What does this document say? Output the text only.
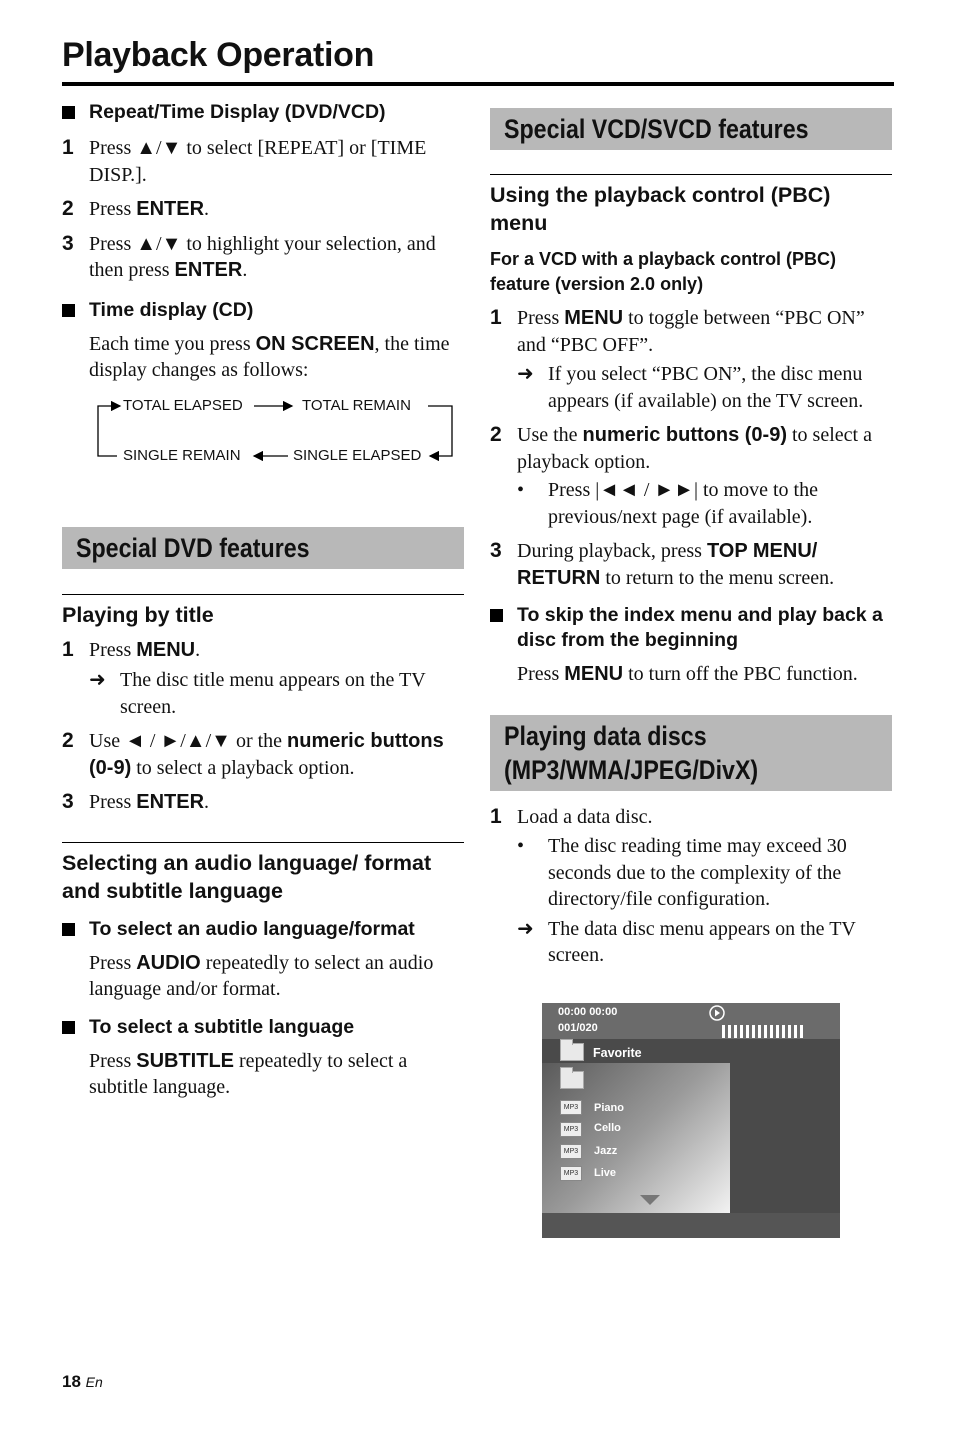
Playback Operation
Repeat/Time Display (DVD/VCD)
1 Press ▲/▼ to select [REPEAT] or [TIME DISP.].
2 Press ENTER.
3 Press ▲/▼ to highlight your selection, and then press ENTER.
Time display (CD)
Each time you press ON SCREEN, the time display changes as follows:
TOTAL ELAPSED	TOTAL REMAIN
SINGLE REMAIN	SINGLE ELAPSED
Special DVD features
Playing by title
1 Press MENU.
➜ The disc title menu appears on the TV screen.
2 Use ◄ / ►/▲/▼ or the numeric buttons (0-9) to select a playback option.
3 Press ENTER.
Selecting an audio language/ format and subtitle language
To select an audio language/format
Press AUDIO repeatedly to select an audio language and/or format.
To select a subtitle language
Press SUBTITLE repeatedly to select a subtitle language.
Special VCD/SVCD features
Using the playback control (PBC) menu
For a VCD with a playback control (PBC) feature (version 2.0 only)
1 Press MENU to toggle between “PBC ON” and “PBC OFF”.
➜ If you select “PBC ON”, the disc menu appears (if available) on the TV screen.
2 Use the numeric buttons (0-9) to select a playback option.
• Press |◄◄ / ►►| to move to the previous/next page (if available).
3 During playback, press TOP MENU/ RETURN to return to the menu screen.
To skip the index menu and play back a disc from the beginning
Press MENU to turn off the PBC function.
Playing data discs (MP3/WMA/JPEG/DivX)
1 Load a data disc.
• The disc reading time may exceed 30 seconds due to the complexity of the directory/file configuration.
➜ The data disc menu appears on the TV screen.
00:00 00:00
001/020
Favorite
MP3	Piano
MP3	Cello
MP3	Jazz
MP3	Live
18 En
